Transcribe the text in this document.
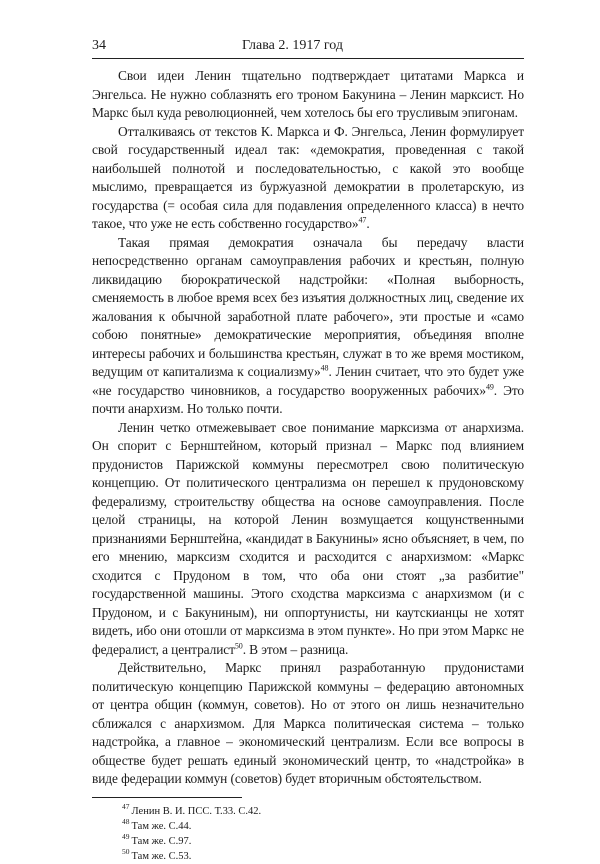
34	Глава 2. 1917 год

Свои идеи Ленин тщательно подтверждает цитатами Маркса и Энгельса. Не нужно соблазнять его троном Бакунина – Ленин марксист. Но Маркс был куда революционней, чем хотелось бы его трусливым эпигонам.

Отталкиваясь от текстов К. Маркса и Ф. Энгельса, Ленин формулирует свой государственный идеал так: «демократия, проведенная с такой наибольшей полнотой и последовательностью, с какой это вообще мыслимо, превращается из буржуазной демократии в пролетарскую, из государства (= особая сила для подавления определенного класса) в нечто такое, что уже не есть собственно государство»$^{47}$.

Такая прямая демократия означала бы передачу власти непосредственно органам самоуправления рабочих и крестьян, полную ликвидацию бюрократической надстройки: «Полная выборность, сменяемость в любое время всех без изъятия должностных лиц, сведение их жалования к обычной заработной плате рабочего», эти простые и «само собою понятные» демократические мероприятия, объединяя вполне интересы рабочих и большинства крестьян, служат в то же время мостиком, ведущим от капитализма к социализму»$^{48}$. Ленин считает, что это будет уже «не государство чиновников, а государство вооруженных рабочих»$^{49}$. Это почти анархизм. Но только почти.

Ленин четко отмежевывает свое понимание марксизма от анархизма. Он спорит с Бернштейном, который признал – Маркс под влиянием прудонистов Парижской коммуны пересмотрел свою политическую концепцию. От политического централизма он перешел к прудоновскому федерализму, строительству общества на основе самоуправления. После целой страницы, на которой Ленин возмущается кощунственными признаниями Бернштейна, «кандидат в Бакунины» ясно объясняет, в чем, по его мнению, марксизм сходится и расходится с анархизмом: «Маркс сходится с Прудоном в том, что оба они стоят „за разбитие" государственной машины. Этого сходства марксизма с анархизмом (и с Прудоном, и с Бакуниным), ни оппортунисты, ни каутскианцы не хотят видеть, ибо они отошли от марксизма в этом пункте». Но при этом Маркс не федералист, а централист$^{50}$. В этом – разница.

Действительно, Маркс принял разработанную прудонистами политическую концепцию Парижской коммуны – федерацию автономных от центра общин (коммун, советов). Но от этого он лишь незначительно сближался с анархизмом. Для Маркса политическая система – только надстройка, а главное – экономический централизм. Если все вопросы в обществе будет решать единый экономический центр, то «надстройка» в виде федерации коммун (советов) будет вторичным обстоятельством.

$^{47}$ Ленин В. И. ПСС. Т.33. С.42.
$^{48}$ Там же. С.44.
$^{49}$ Там же. С.97.
$^{50}$ Там же. С.53.
